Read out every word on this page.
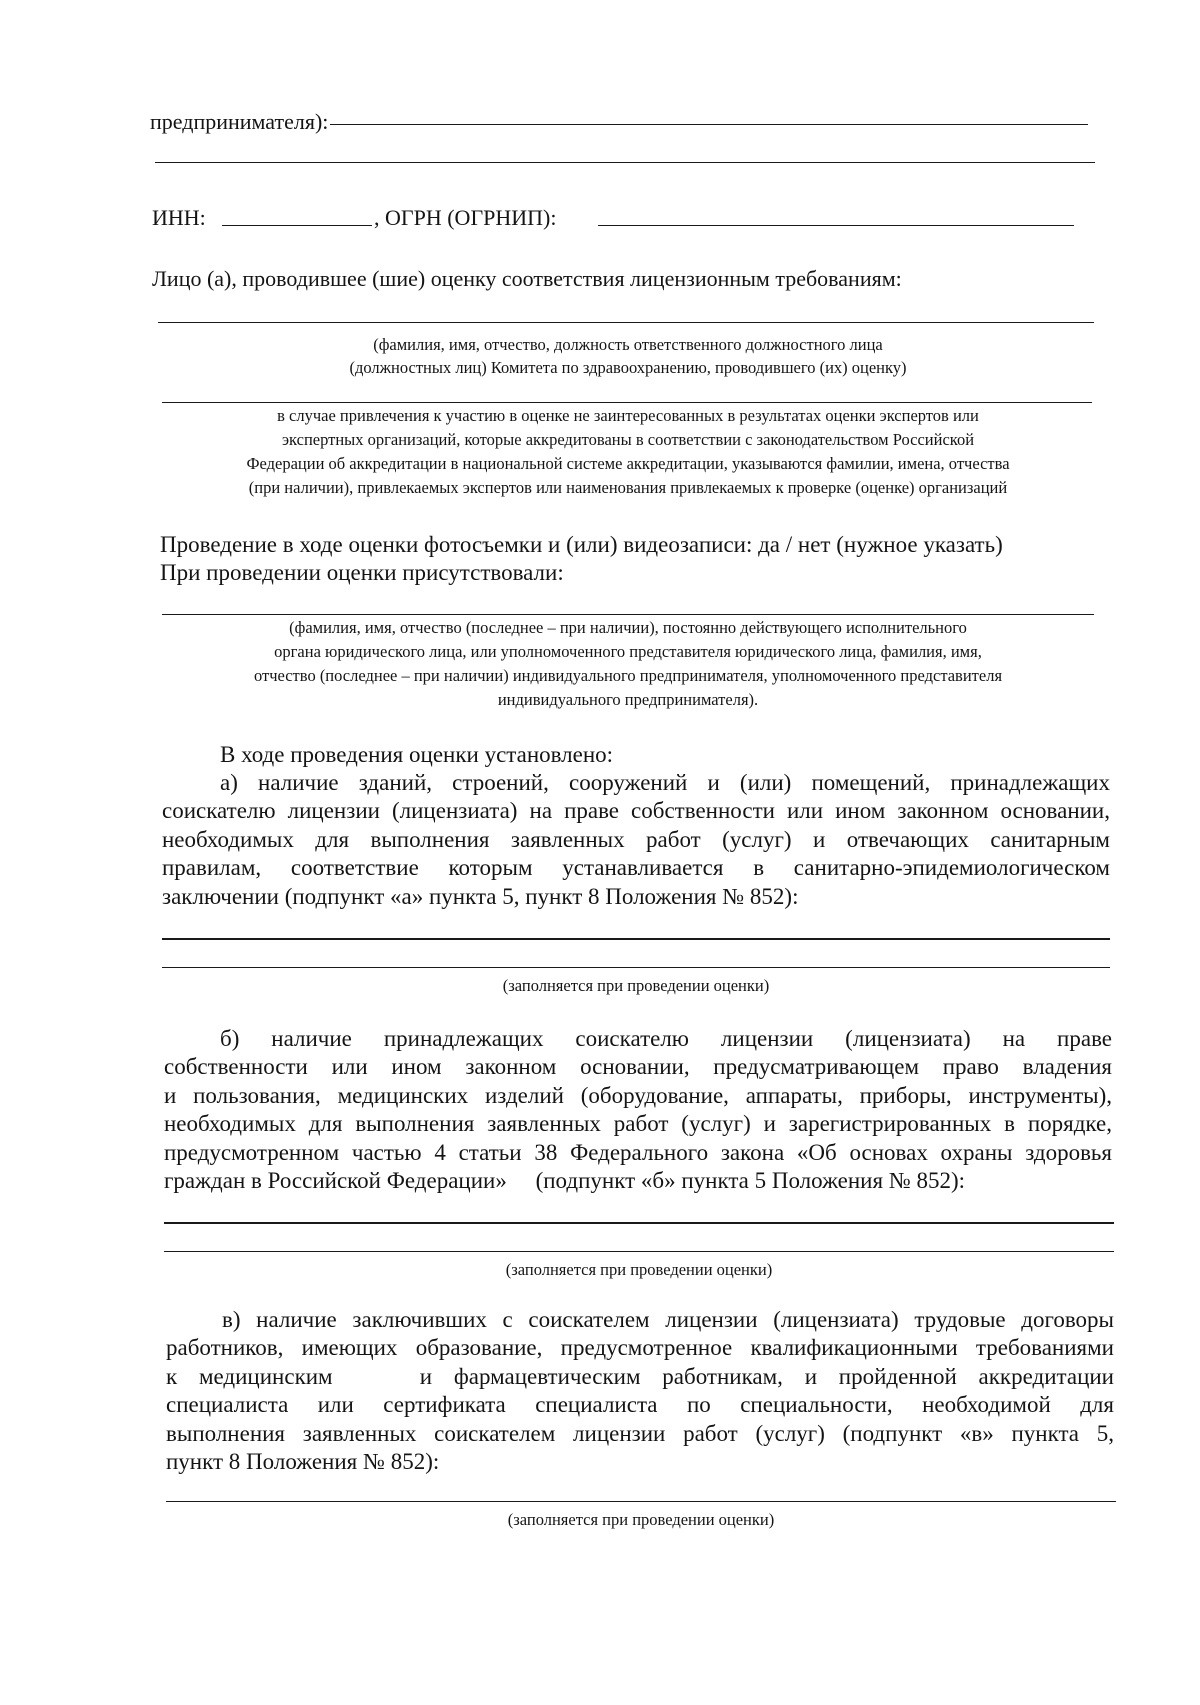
предпринимателя):
ИНН:	, ОГРН (ОГРНИП):
Лицо (а), проводившее (шие) оценку соответствия лицензионным требованиям:
(фамилия, имя, отчество, должность ответственного должностного лица
(должностных лиц) Комитета по здравоохранению, проводившего (их) оценку)
в случае привлечения к участию в оценке не заинтересованных в результатах оценки экспертов или
экспертных организаций, которые аккредитованы в соответствии с законодательством Российской
Федерации об аккредитации в национальной системе аккредитации, указываются фамилии, имена, отчества
(при наличии), привлекаемых экспертов или наименования привлекаемых к проверке (оценке) организаций
Проведение в ходе оценки фотосъемки и (или) видеозаписи: да / нет (нужное указать)
При проведении оценки присутствовали:
(фамилия, имя, отчество (последнее – при наличии), постоянно действующего исполнительного
органа юридического лица, или уполномоченного представителя юридического лица, фамилия, имя,
отчество (последнее – при наличии) индивидуального предпринимателя, уполномоченного представителя
индивидуального предпринимателя).
В ходе проведения оценки установлено:
а) наличие зданий, строений, сооружений и (или) помещений, принадлежащих
соискателю лицензии (лицензиата) на праве собственности или ином законном основании,
необходимых для выполнения заявленных работ (услуг) и отвечающих санитарным
правилам, соответствие которым устанавливается в санитарно-эпидемиологическом
заключении (подпункт «а» пункта 5, пункт 8 Положения № 852):
(заполняется при проведении оценки)
б) наличие принадлежащих соискателю лицензии (лицензиата) на праве
собственности или ином законном основании, предусматривающем право владения
и пользования, медицинских изделий (оборудование, аппараты, приборы, инструменты),
необходимых для выполнения заявленных работ (услуг) и зарегистрированных в порядке,
предусмотренном частью 4 статьи 38 Федерального закона «Об основах охраны здоровья
граждан в Российской Федерации»     (подпункт «б» пункта 5 Положения № 852):
(заполняется при проведении оценки)
в) наличие заключивших с соискателем лицензии (лицензиата) трудовые договоры
работников, имеющих образование, предусмотренное квалификационными требованиями
к медицинским    и фармацевтическим работникам, и пройденной аккредитации
специалиста или сертификата специалиста по специальности, необходимой для
выполнения заявленных соискателем лицензии работ (услуг) (подпункт «в» пункта 5,
пункт 8 Положения № 852):
(заполняется при проведении оценки)
